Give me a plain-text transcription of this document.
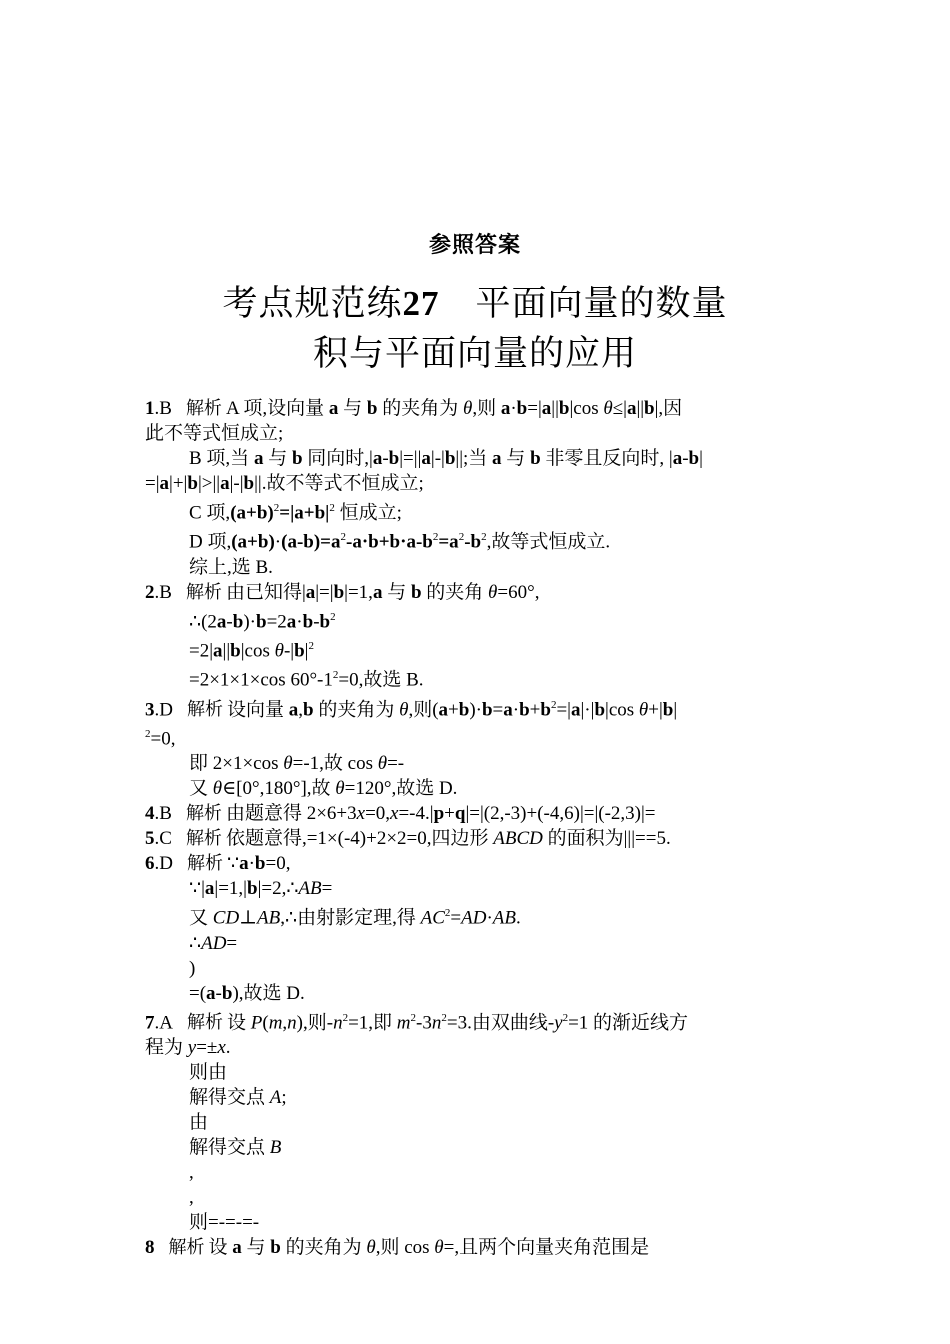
参照答案
考点规范练27　 平面向量的数量
积与平面向量的应用
1.B 解析 A 项,设向量 a 与 b 的夹角为 θ,则 a·b=|a||b|cos θ≤|a||b|,因
此不等式恒成立;
B 项,当 a 与 b 同向时,|a-b|=||a|-|b||;当 a 与 b 非零且反向时, |a-b|
=|a|+|b|>||a|-|b||.故不等式不恒成立;
C 项$,(a+b)^2=|a+b|^2$ 恒成立;
D 项$,(a+b)\cdot(a-b)=a^2-a\cdot b+b\cdot a-b^2=a^2-b^2$,故等式恒成立.
综上,选 B.
2.B 解析 由已知得|a|=|b|=1,a 与 b 的夹角 θ=60°,
$\therefore(2a-b)\cdot b=2a\cdot b-b^2$
=2|a||b|cos $\theta-|b|^2$
=2×1×1×cos $60^\circ-1^2=0$,故选 B.
3.D 解析 设向量 a,b 的夹角为 θ,则$(a+b)\cdot b=a\cdot b+b^2=|a|\cdot|b|\cos$ θ+|b|
$^2$=0,
即 2×1×cos θ=-1,故 cos θ=-
又 θ∈[0°,180°],故 θ=120°,故选 D.
4.B 解析 由题意得 2×6+3x=0,x=-4.|p+q|=|(2,-3)+(-4,6)|=|(-2,3)|=
5.C 解析 依题意得,=1×(-4)+2×2=0,四边形 ABCD 的面积为|||==5.
6.D 解析 ∵a·b=0,
∵|a|=1,|b|=2,∴AB=
又 CD⊥AB,∴由射影定理,得 $AC^2=AD\cdot AB$.
∴AD=
)
=(a-b),故选 D.
7.A 解析 设 P(m,n),则$-n^2=1$,即 $m^2-3n^2=3$.由双曲线$-y^2=1$ 的渐近线方
程为 y=±x.
则由
解得交点 A;
由
解得交点 B
,
,
则=-=-=-
8 解析 设 a 与 b 的夹角为 θ,则 cos θ=,且两个向量夹角范围是
